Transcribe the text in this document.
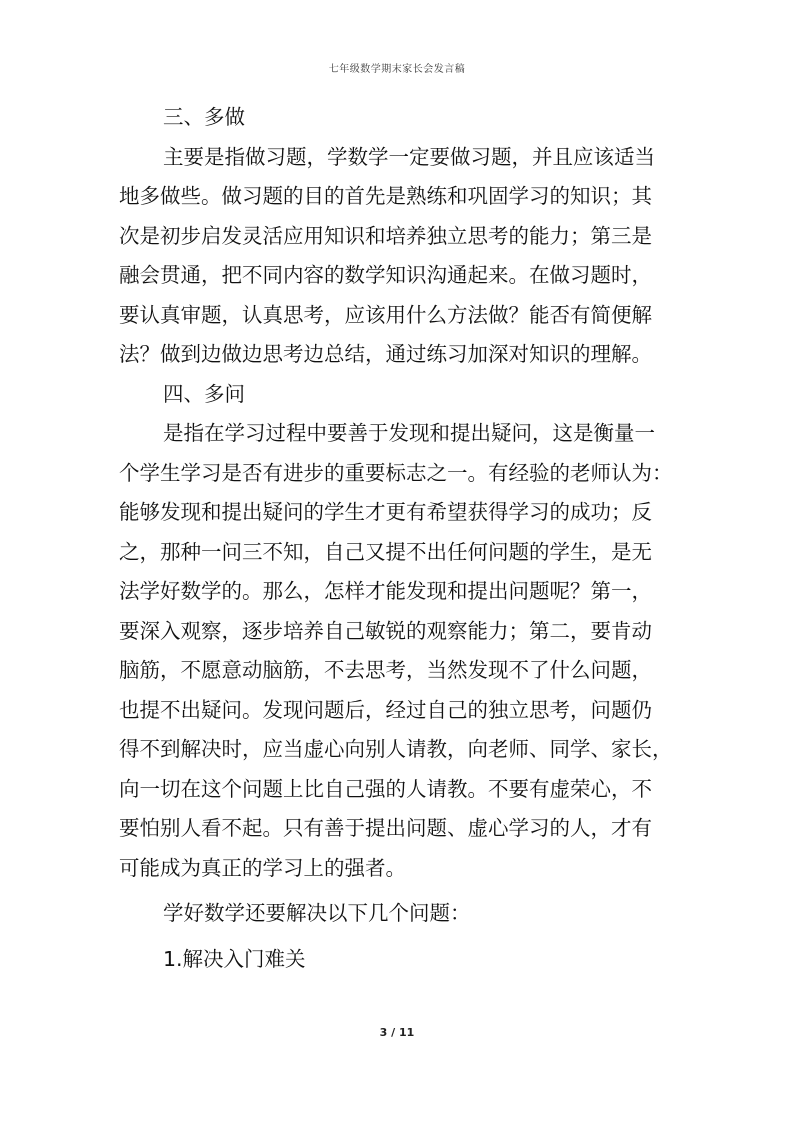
七年级数学期末家长会发言稿
三、多做
主要是指做习题，学数学一定要做习题，并且应该适当
地多做些。做习题的目的首先是熟练和巩固学习的知识；其
次是初步启发灵活应用知识和培养独立思考的能力；第三是
融会贯通，把不同内容的数学知识沟通起来。在做习题时，
要认真审题，认真思考，应该用什么方法做？能否有简便解
法？做到边做边思考边总结，通过练习加深对知识的理解。
四、多问
是指在学习过程中要善于发现和提出疑问，这是衡量一
个学生学习是否有进步的重要标志之一。有经验的老师认为：
能够发现和提出疑问的学生才更有希望获得学习的成功；反
之，那种一问三不知，自己又提不出任何问题的学生，是无
法学好数学的。那么，怎样才能发现和提出问题呢？第一，
要深入观察，逐步培养自己敏锐的观察能力；第二，要肯动
脑筋，不愿意动脑筋，不去思考，当然发现不了什么问题，
也提不出疑问。发现问题后，经过自己的独立思考，问题仍
得不到解决时，应当虚心向别人请教，向老师、同学、家长，
向一切在这个问题上比自己强的人请教。不要有虚荣心，不
要怕别人看不起。只有善于提出问题、虚心学习的人，才有
可能成为真正的学习上的强者。
学好数学还要解决以下几个问题：
1.解决入门难关
3 / 11
